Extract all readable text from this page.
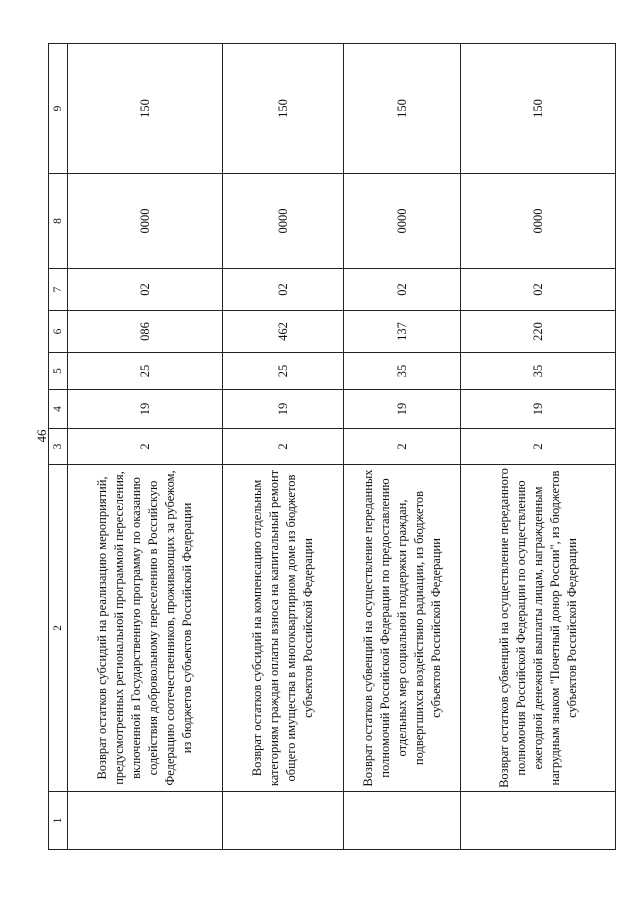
46
1	2	3	4	5	6	7	8	9
	Возврат остатков субсидий на реализацию мероприятий, предусмотренных региональной программой переселения, включенной в Государственную программу по оказанию содействия добровольному переселению в Российскую Федерацию соотечественников, проживающих за рубежом, из бюджетов субъектов Российской Федерации	2	19	25	086	02	0000	150
	Возврат остатков субсидий на компенсацию отдельным категориям граждан оплаты взноса на капитальный ремонт общего имущества в многоквартирном доме из бюджетов субъектов Российской Федерации	2	19	25	462	02	0000	150
	Возврат остатков субвенций на осуществление переданных полномочий Российской Федерации по предоставлению отдельных мер социальной поддержки граждан, подвергшихся воздействию радиации, из бюджетов субъектов Российской Федерации	2	19	35	137	02	0000	150
	Возврат остатков субвенций на осуществление переданного полномочия Российской Федерации по осуществлению ежегодной денежной выплаты лицам, награжденным нагрудным знаком "Почетный донор России", из бюджетов субъектов Российской Федерации	2	19	35	220	02	0000	150
